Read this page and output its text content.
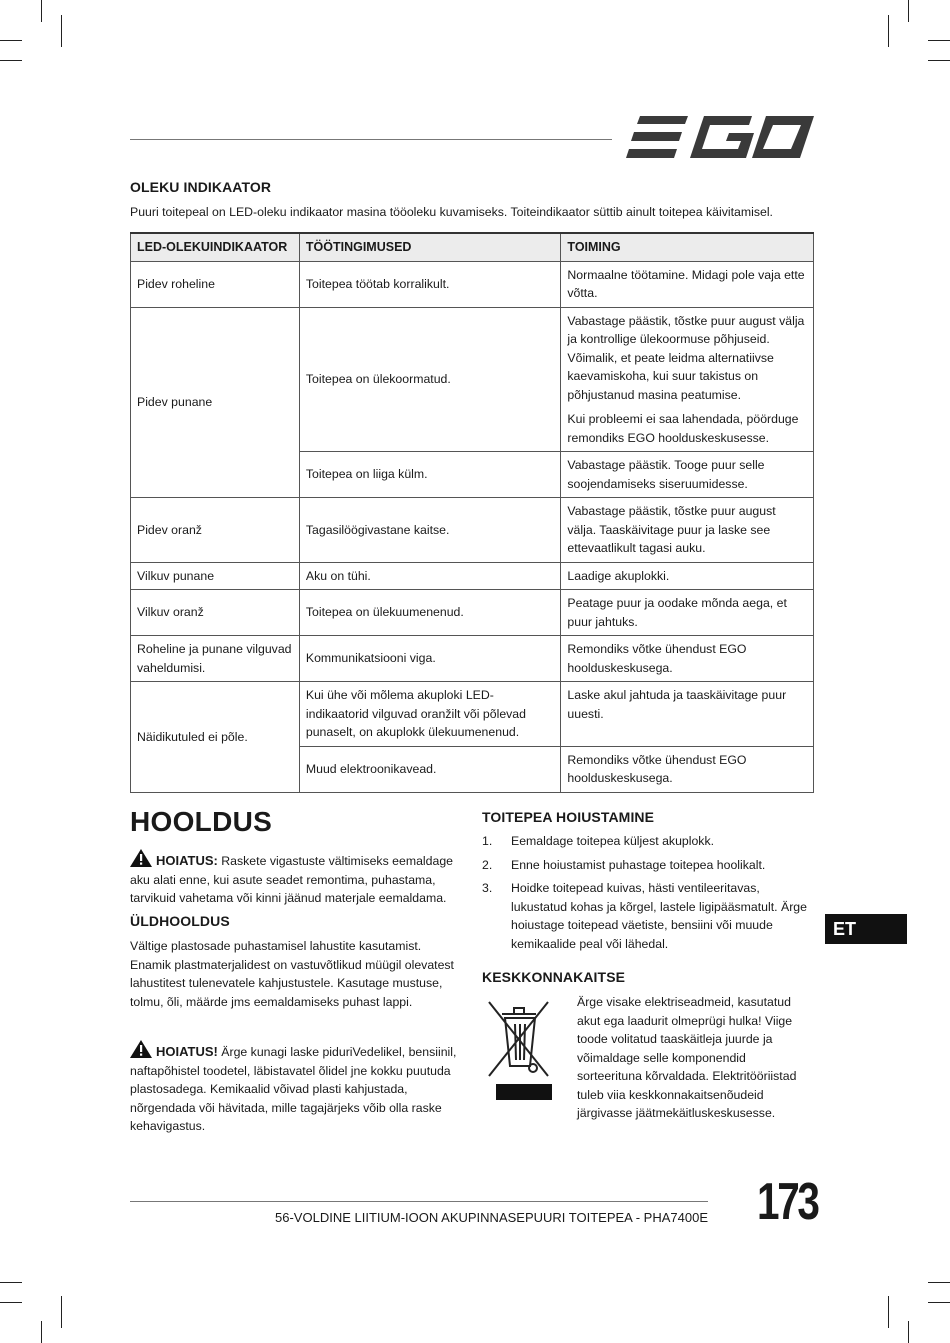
OLEKU INDIKAATOR
Puuri toitepeal on LED-oleku indikaator masina tööoleku kuvamiseks. Toiteindikaator süttib ainult toitepea käivitamisel.
LED-OLEKUINDIKAATOR	TÖÖTINGIMUSED	TOIMING
Pidev roheline	Toitepea töötab korralikult.	Normaalne töötamine. Midagi pole vaja ette võtta.

Pidev punane	Toitepea on ülekoormatud.	Vabastage päästik, tõstke puur august välja ja kontrollige ülekoormuse põhjuseid. Võimalik, et peate leidma alternatiivse kaevamiskoha, kui suur takistus on põhjustanud masina peatumise.

Kui probleemi ei saa lahendada, pöörduge remondiks EGO hoolduskeskusesse.

	Toitepea on liiga külm.	Vabastage päästik. Tooge puur selle soojendamiseks siseruumidesse.

Pidev oranž	Tagasilöögivastane kaitse.	Vabastage päästik, tõstke puur august välja. Taaskäivitage puur ja laske see ettevaatlikult tagasi auku.

Vilkuv punane	Aku on tühi.	Laadige akuplokki.

Vilkuv oranž	Toitepea on ülekuumenenud.	Peatage puur ja oodake mõnda aega, et puur jahtuks.

Roheline ja punane vilguvad vaheldumisi.	Kommunikatsiooni viga.	Remondiks võtke ühendust EGO hoolduskeskusega.

Näidikutuled ei põle.	Kui ühe või mõlema akuploki LED-indikaatorid vilguvad oranžilt või põlevad punaselt, on akuplokk ülekuumenenud.	Laske akul jahtuda ja taaskäivitage puur uuesti.

	Muud elektroonikavead.	Remondiks võtke ühendust EGO hoolduskeskusega.

HOOLDUS
HOIATUS: Raskete vigastuste vältimiseks eemaldage aku alati enne, kui asute seadet remontima, puhastama, tarvikuid vahetama või kinni jäänud materjale eemaldama.
ÜLDHOOLDUS
Vältige plastosade puhastamisel lahustite kasutamist. Enamik plastmaterjalidest on vastuvõtlikud müügil olevatest lahustitest tulenevatele kahjustustele. Kasutage mustuse, tolmu, õli, määrde jms eemaldamiseks puhast lappi.
HOIATUS! Ärge kunagi laske piduriVedelikel, bensiinil, naftapõhistel toodetel, läbistavatel õlidel jne kokku puutuda plastosadega. Kemikaalid võivad plasti kahjustada, nõrgendada või hävitada, mille tagajärjeks võib olla raske kehavigastus.
TOITEPEA HOIUSTAMINE
1. Eemaldage toitepea küljest akuplokk.
2. Enne hoiustamist puhastage toitepea hoolikalt.
3. Hoidke toitepead kuivas, hästi ventileeritavas, lukustatud kohas ja kõrgel, lastele ligipääsmatult. Ärge hoiustage toitepead väetiste, bensiini või muude kemikaalide peal või lähedal.
KESKKONNAKAITSE
Ärge visake elektriseadmeid, kasutatud akut ega laadurit olmeprügi hulka! Viige toode volitatud taaskäitleja juurde ja võimaldage selle komponendid sorteerituna kõrvaldada. Elektritööriistad tuleb viia keskkonnakaitsenõudeid järgivasse jäätmekäitluskeskusesse.
ET
56-VOLDINE LIITIUM-IOON AKUPINNASEPUURI TOITEPEA - PHA7400E 173
